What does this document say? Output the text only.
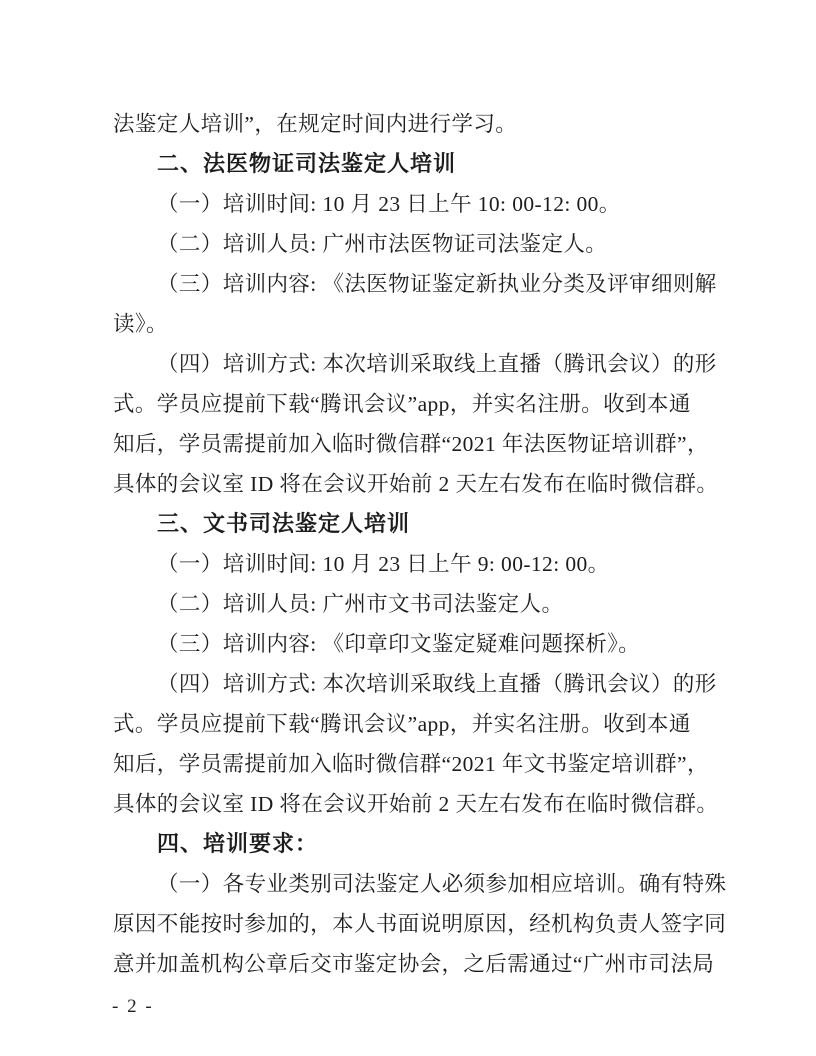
法鉴定人培训”，在规定时间内进行学习。
二、法医物证司法鉴定人培训
（一）培训时间: 10 月 23 日上午 10: 00-12: 00。
（二）培训人员: 广州市法医物证司法鉴定人。
（三）培训内容: 《法医物证鉴定新执业分类及评审细则解
读》。
（四）培训方式: 本次培训采取线上直播（腾讯会议）的形
式。学员应提前下载“腾讯会议”app，并实名注册。收到本通
知后，学员需提前加入临时微信群“2021 年法医物证培训群”，
具体的会议室 ID 将在会议开始前 2 天左右发布在临时微信群。
三、文书司法鉴定人培训
（一）培训时间: 10 月 23 日上午 9: 00-12: 00。
（二）培训人员: 广州市文书司法鉴定人。
（三）培训内容: 《印章印文鉴定疑难问题探析》。
（四）培训方式: 本次培训采取线上直播（腾讯会议）的形
式。学员应提前下载“腾讯会议”app，并实名注册。收到本通
知后，学员需提前加入临时微信群“2021 年文书鉴定培训群”，
具体的会议室 ID 将在会议开始前 2 天左右发布在临时微信群。
四、培训要求：
（一）各专业类别司法鉴定人必须参加相应培训。确有特殊
原因不能按时参加的，本人书面说明原因，经机构负责人签字同
意并加盖机构公章后交市鉴定协会，之后需通过“广州市司法局
- 2 -
